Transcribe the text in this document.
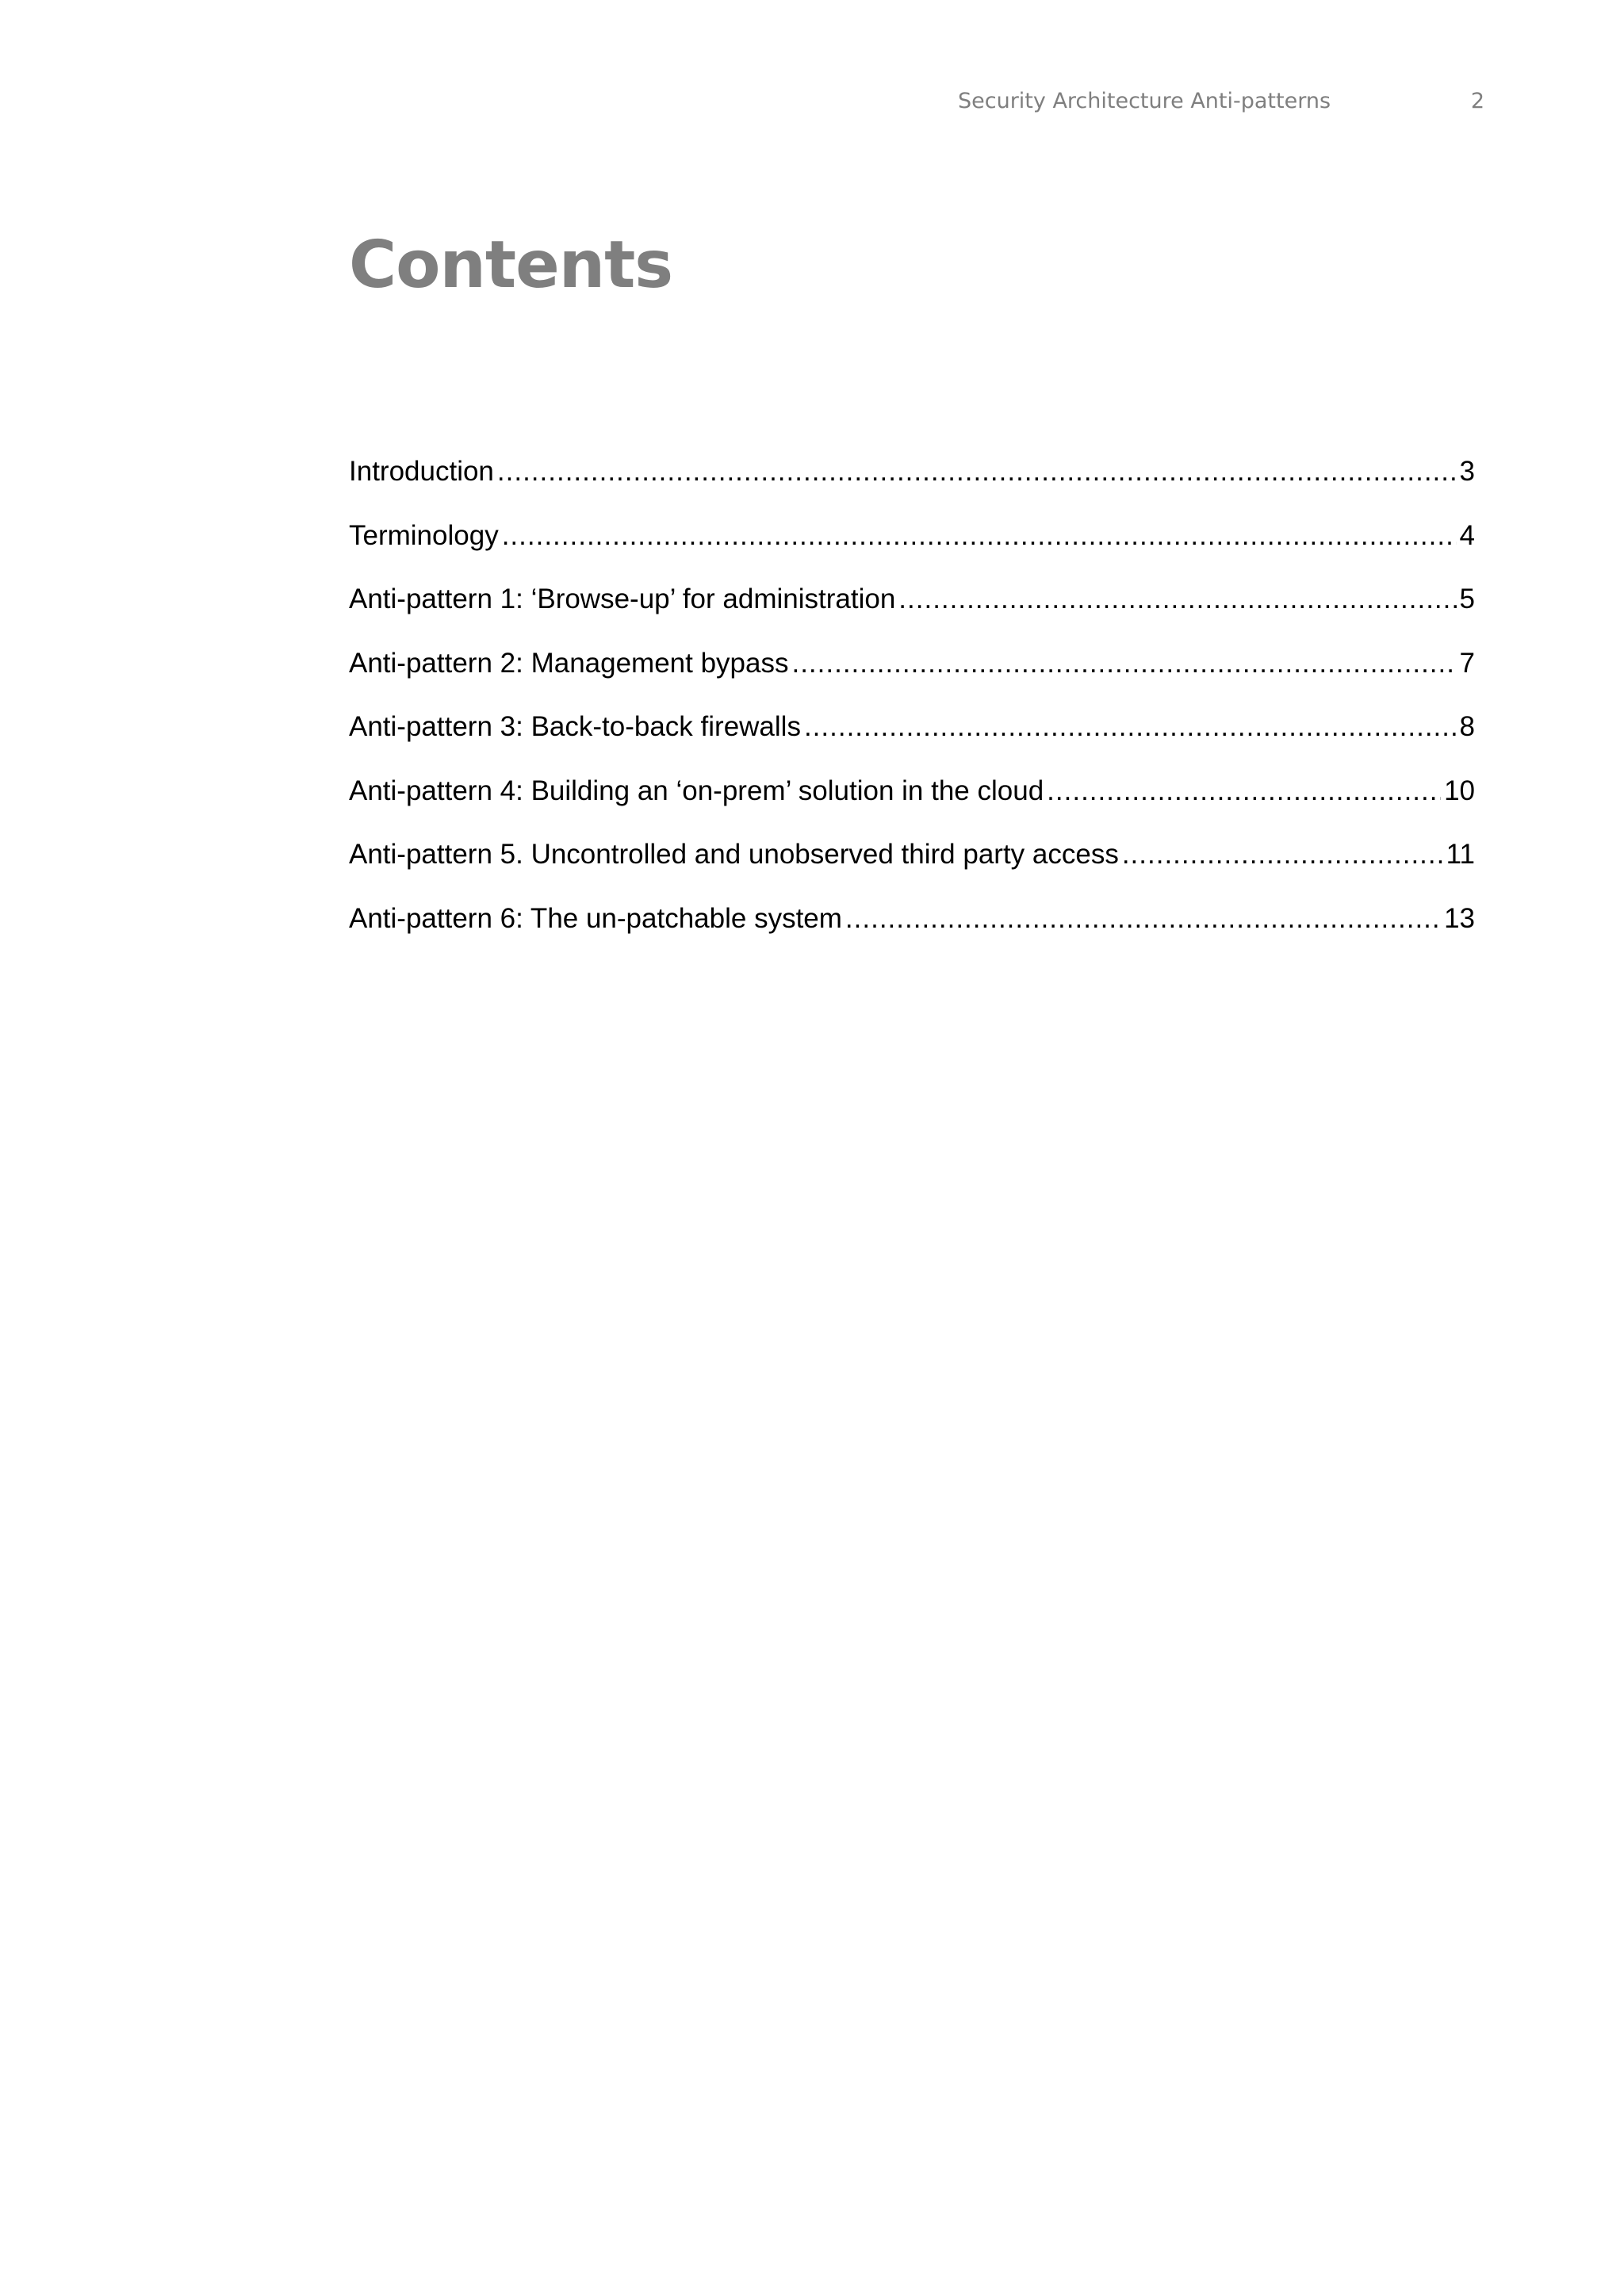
Security Architecture Anti-patterns	2
Contents
Introduction .....	3
Terminology .....	4
Anti-pattern 1: ‘Browse-up’ for administration .....	5
Anti-pattern 2: Management bypass .....	7
Anti-pattern 3: Back-to-back firewalls .....	8
Anti-pattern 4: Building an ‘on-prem’ solution in the cloud .....	10
Anti-pattern 5. Uncontrolled and unobserved third party access .....	11
Anti-pattern 6: The un-patchable system .....	13
